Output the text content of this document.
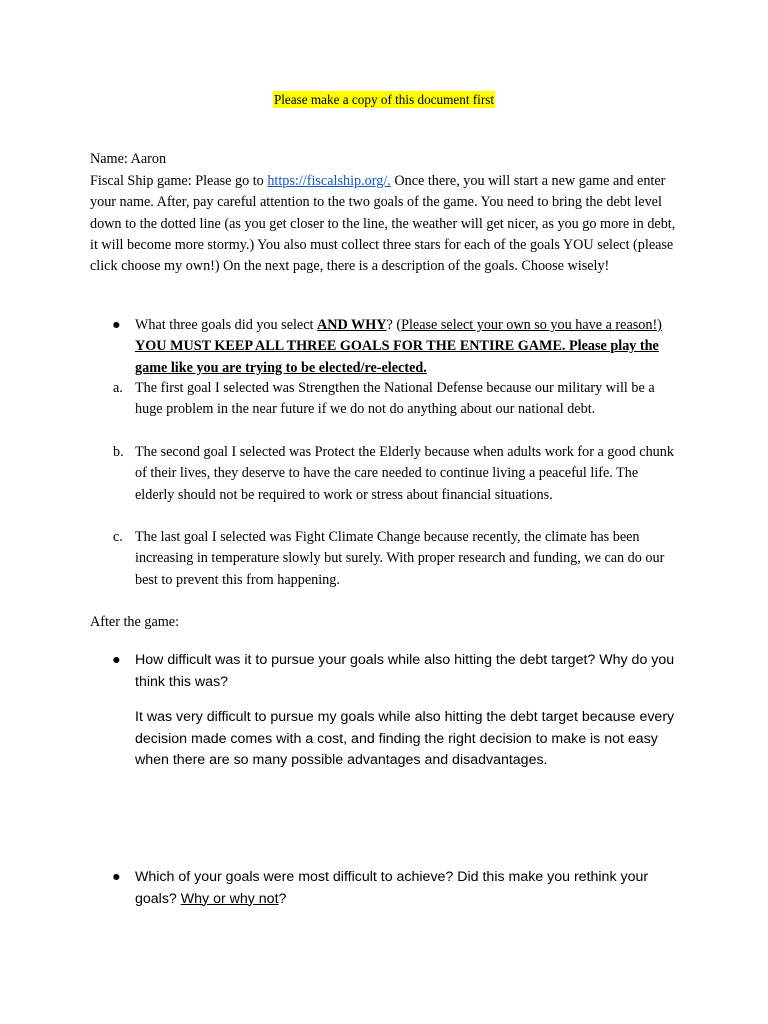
Please make a copy of this document first
Name: Aaron
Fiscal Ship game: Please go to https://fiscalship.org/. Once there, you will start a new game and enter your name. After, pay careful attention to the two goals of the game. You need to bring the debt level down to the dotted line (as you get closer to the line, the weather will get nicer, as you go more in debt, it will become more stormy.) You also must collect three stars for each of the goals YOU select (please click choose my own!) On the next page, there is a description of the goals. Choose wisely!
● What three goals did you select AND WHY? (Please select your own so you have a reason!) YOU MUST KEEP ALL THREE GOALS FOR THE ENTIRE GAME. Please play the game like you are trying to be elected/re-elected.
a. The first goal I selected was Strengthen the National Defense because our military will be a huge problem in the near future if we do not do anything about our national debt.
b. The second goal I selected was Protect the Elderly because when adults work for a good chunk of their lives, they deserve to have the care needed to continue living a peaceful life. The elderly should not be required to work or stress about financial situations.
c. The last goal I selected was Fight Climate Change because recently, the climate has been increasing in temperature slowly but surely. With proper research and funding, we can do our best to prevent this from happening.
After the game:
● How difficult was it to pursue your goals while also hitting the debt target? Why do you think this was?
It was very difficult to pursue my goals while also hitting the debt target because every decision made comes with a cost, and finding the right decision to make is not easy when there are so many possible advantages and disadvantages.
● Which of your goals were most difficult to achieve? Did this make you rethink your goals? Why or why not?
